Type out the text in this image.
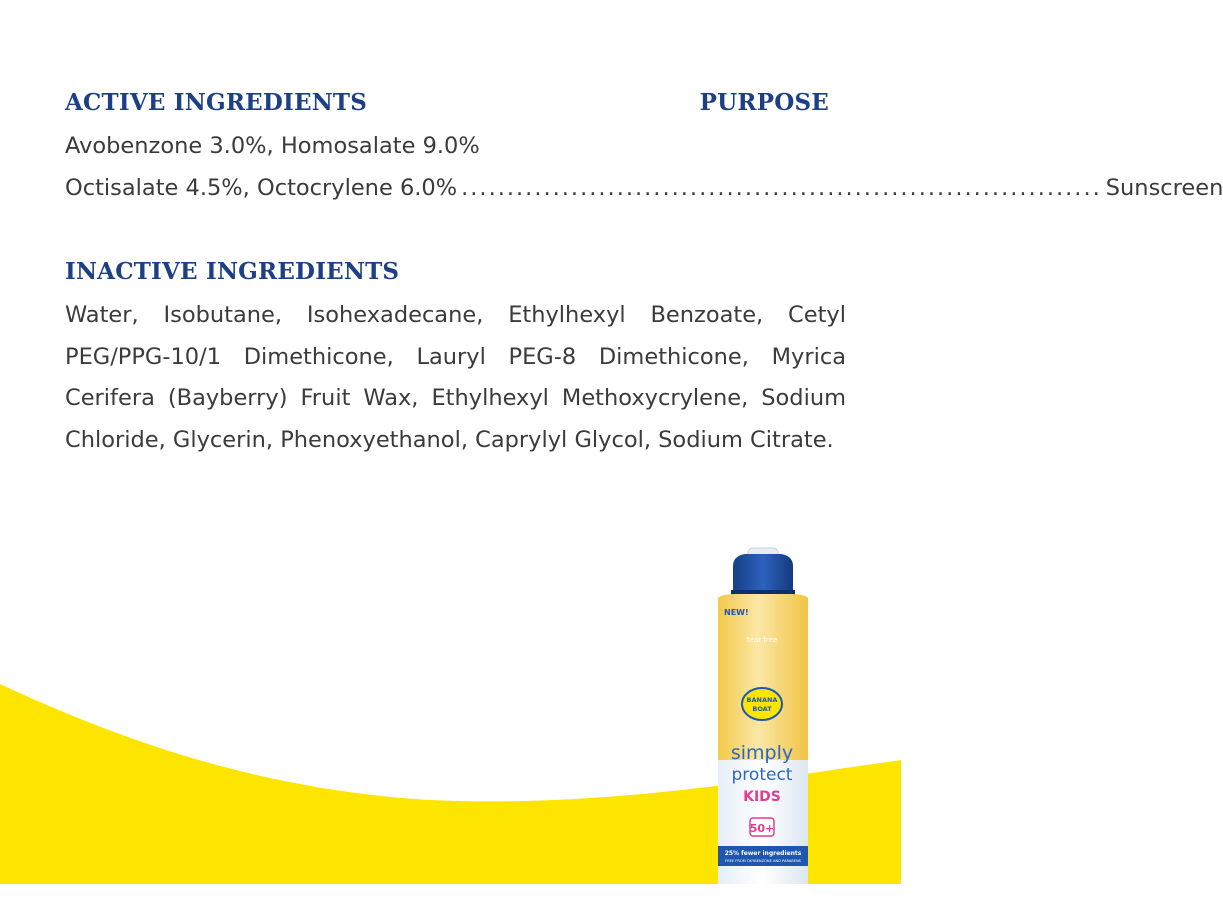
ACTIVE INGREDIENTS	PURPOSE
Avobenzone 3.0%, Homosalate 9.0%
Octisalate 4.5%, Octocrylene 6.0% ...................................................................... Sunscreen
INACTIVE INGREDIENTS
Water, Isobutane, Isohexadecane, Ethylhexyl Benzoate, Cetyl PEG/PPG-10/1 Dimethicone, Lauryl PEG-8 Dimethicone, Myrica Cerifera (Bayberry) Fruit Wax, Ethylhexyl Methoxycrylene, Sodium Chloride, Glycerin, Phenoxyethanol, Caprylyl Glycol, Sodium Citrate.
NEW!
tear free
BANANA
BOAT
simply
protect
KIDS
50+
25% fewer ingredients
FREE FROM OXYBENZONE AND PARABENS
